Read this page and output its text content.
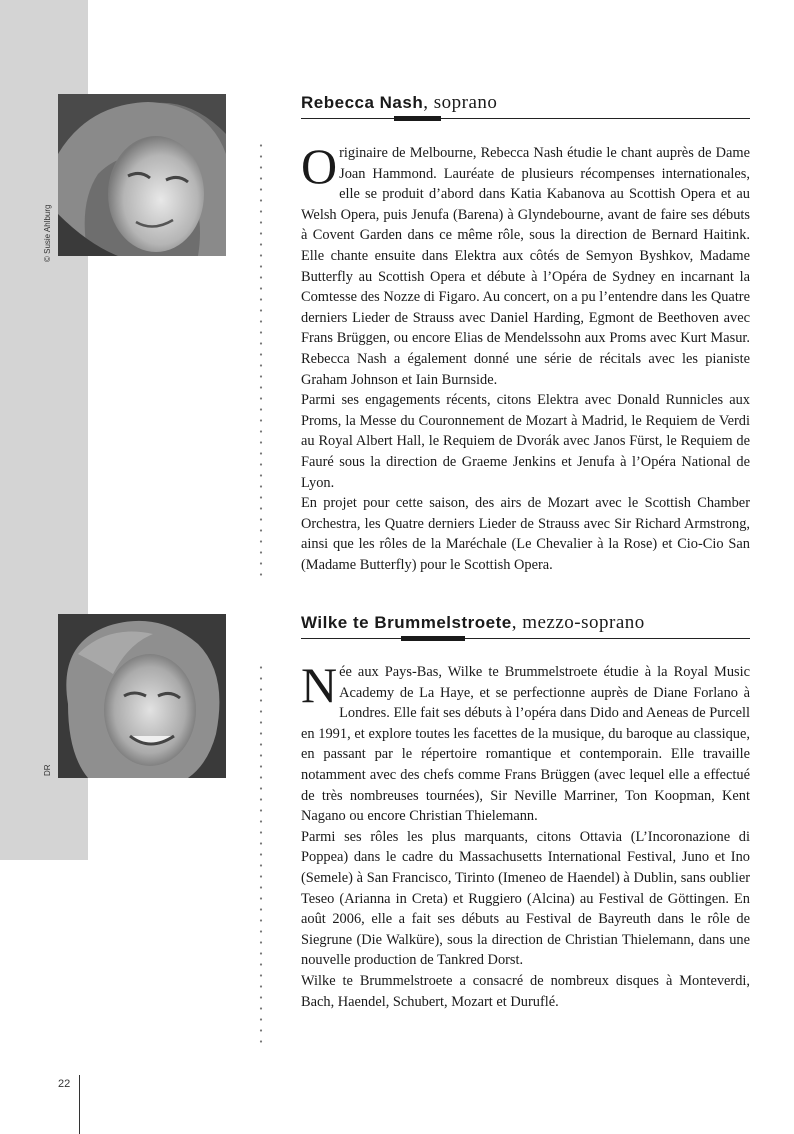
© Susie Ahlburg
Rebecca Nash, soprano

Originaire de Melbourne, Rebecca Nash étudie le chant auprès de Dame Joan Hammond. Lauréate de plusieurs récompenses internationales, elle se produit d’abord dans Katia Kabanova au Scottish Opera et au Welsh Opera, puis Jenufa (Barena) à Glyndebourne, avant de faire ses débuts à Covent Garden dans ce même rôle, sous la direction de Bernard Haitink. Elle chante ensuite dans Elektra aux côtés de Semyon Byshkov, Madame Butterfly au Scottish Opera et débute à l’Opéra de Sydney en incarnant la Comtesse des Nozze di Figaro. Au concert, on a pu l’entendre dans les Quatre derniers Lieder de Strauss avec Daniel Harding, Egmont de Beethoven avec Frans Brüggen, ou encore Elias de Mendelssohn aux Proms avec Kurt Masur. Rebecca Nash a également donné une série de récitals avec les pianiste Graham Johnson et Iain Burnside.

Parmi ses engagements récents, citons Elektra avec Donald Runnicles aux Proms, la Messe du Couronnement de Mozart à Madrid, le Requiem de Verdi au Royal Albert Hall, le Requiem de Dvorák avec Janos Fürst, le Requiem de Fauré sous la direction de Graeme Jenkins et Jenufa à l’Opéra National de Lyon.

En projet pour cette saison, des airs de Mozart avec le Scottish Chamber Orchestra, les Quatre derniers Lieder de Strauss avec Sir Richard Armstrong, ainsi que les rôles de la Maréchale (Le Chevalier à la Rose) et Cio-Cio San (Madame Butterfly) pour le Scottish Opera.

DR
Wilke te Brummelstroete, mezzo-soprano

Née aux Pays-Bas, Wilke te Brummelstroete étudie à la Royal Music Academy de La Haye, et se perfectionne auprès de Diane Forlano à Londres. Elle fait ses débuts à l’opéra dans Dido and Aeneas de Purcell en 1991, et explore toutes les facettes de la musique, du baroque au classique, en passant par le répertoire romantique et contemporain. Elle travaille notamment avec des chefs comme Frans Brüggen (avec lequel elle a effectué de très nombreuses tournées), Sir Neville Marriner, Ton Koopman, Kent Nagano ou encore Christian Thielemann.

Parmi ses rôles les plus marquants, citons Ottavia (L’Incoronazione di Poppea) dans le cadre du Massachusetts International Festival, Juno et Ino (Semele) à San Francisco, Tirinto (Imeneo de Haendel) à Dublin, sans oublier Teseo (Arianna in Creta) et Ruggiero (Alcina) au Festival de Göttingen. En août 2006, elle a fait ses débuts au Festival de Bayreuth dans le rôle de Siegrune (Die Walküre), sous la direction de Christian Thielemann, dans une nouvelle production de Tankred Dorst.

Wilke te Brummelstroete a consacré de nombreux disques à Monteverdi, Bach, Haendel, Schubert, Mozart et Duruflé.

22
